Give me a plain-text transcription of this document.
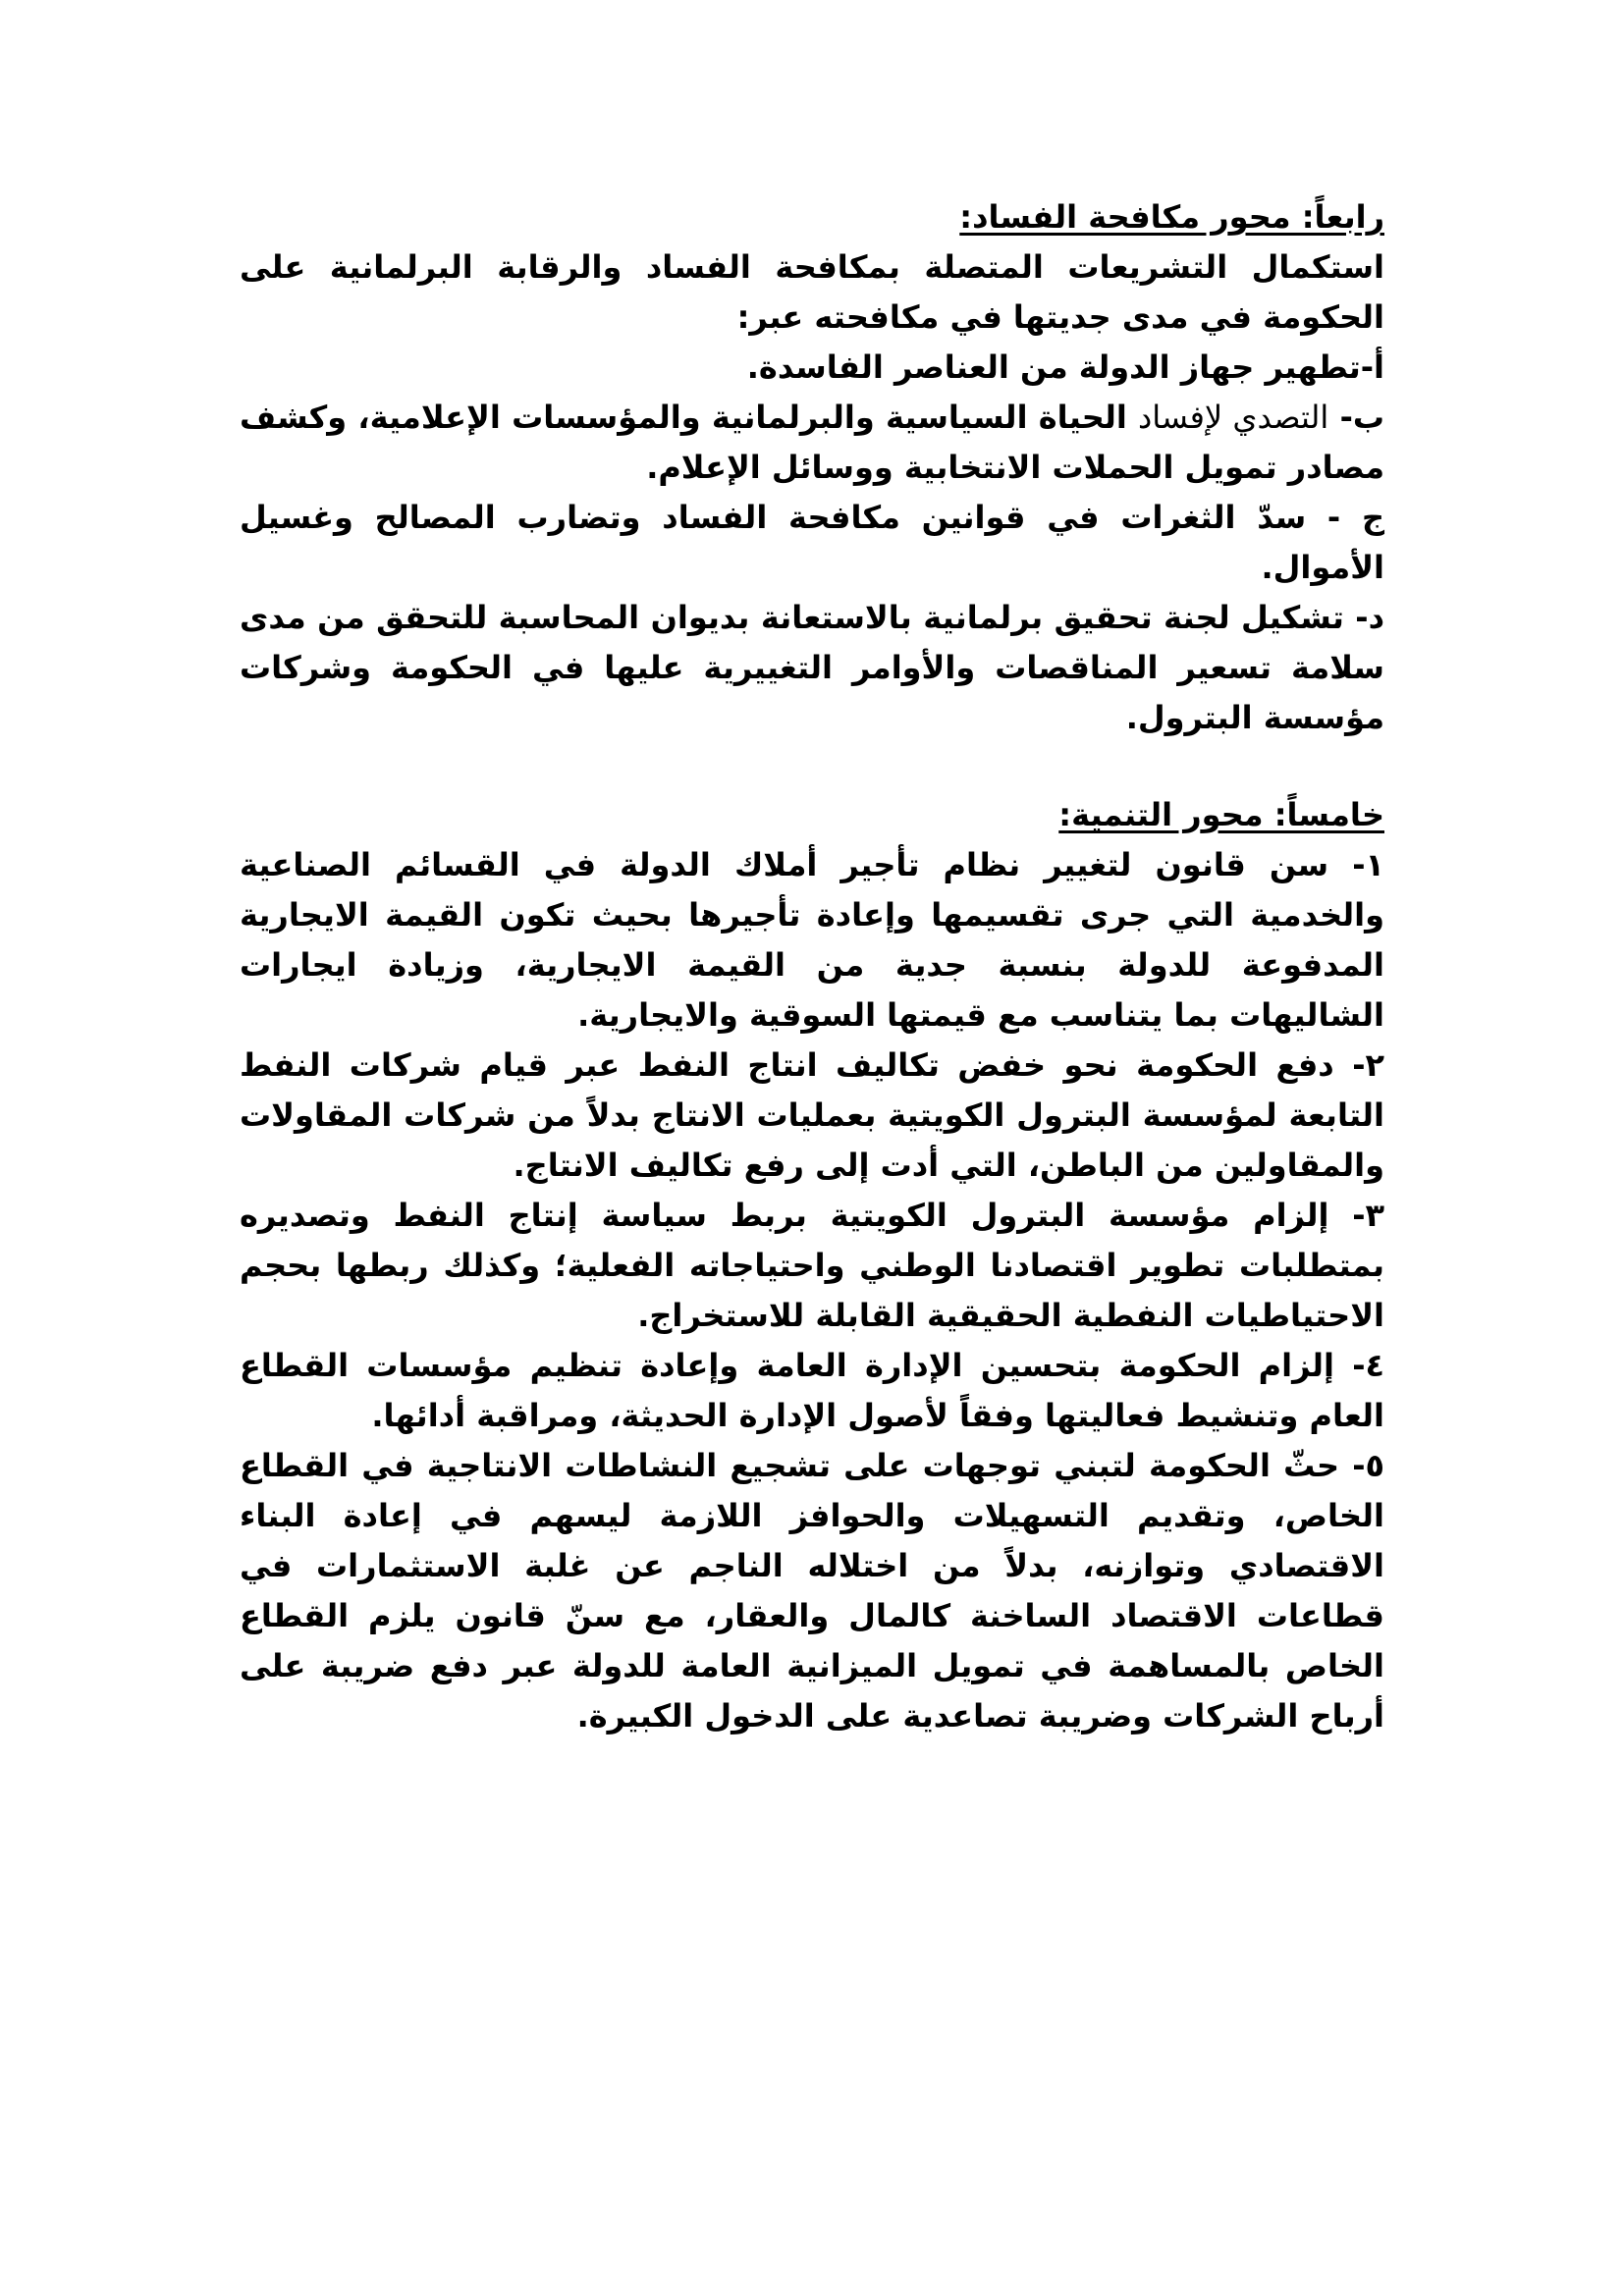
رابعاً: محور مكافحة الفساد:

استكمال التشريعات المتصلة بمكافحة الفساد والرقابة البرلمانية على الحكومة في مدى جديتها في مكافحته عبر:

أ-تطهير جهاز الدولة من العناصر الفاسدة.

ب- التصدي لإفساد الحياة السياسية والبرلمانية والمؤسسات الإعلامية، وكشف مصادر تمويل الحملات الانتخابية ووسائل الإعلام.

ج - سدّ الثغرات في قوانين مكافحة الفساد وتضارب المصالح وغسيل الأموال.

د- تشكيل لجنة تحقيق برلمانية بالاستعانة بديوان المحاسبة للتحقق من مدى سلامة تسعير المناقصات والأوامر التغييرية عليها في الحكومة وشركات مؤسسة البترول.

خامساً: محور التنمية:

١- سن قانون لتغيير نظام تأجير أملاك الدولة في القسائم الصناعية والخدمية التي جرى تقسيمها وإعادة تأجيرها بحيث تكون القيمة الايجارية المدفوعة للدولة بنسبة جدية من القيمة الايجارية، وزيادة ايجارات الشاليهات بما يتناسب مع قيمتها السوقية والايجارية.

٢- دفع الحكومة نحو خفض تكاليف انتاج النفط عبر قيام شركات النفط التابعة لمؤسسة البترول الكويتية بعمليات الانتاج بدلاً من شركات المقاولات والمقاولين من الباطن، التي أدت إلى رفع تكاليف الانتاج.

٣- إلزام مؤسسة البترول الكويتية بربط سياسة إنتاج النفط وتصديره بمتطلبات تطوير اقتصادنا الوطني واحتياجاته الفعلية؛ وكذلك ربطها بحجم الاحتياطيات النفطية الحقيقية القابلة للاستخراج.

٤- إلزام الحكومة بتحسين الإدارة العامة وإعادة تنظيم مؤسسات القطاع العام وتنشيط فعاليتها وفقاً لأصول الإدارة الحديثة، ومراقبة أدائها.

٥- حثّ الحكومة لتبني توجهات على تشجيع النشاطات الانتاجية في القطاع الخاص، وتقديم التسهيلات والحوافز اللازمة ليسهم في إعادة البناء الاقتصادي وتوازنه، بدلاً من اختلاله الناجم عن غلبة الاستثمارات في قطاعات الاقتصاد الساخنة كالمال والعقار، مع سنّ قانون يلزم القطاع الخاص بالمساهمة في تمويل الميزانية العامة للدولة عبر دفع ضريبة على أرباح الشركات وضريبة تصاعدية على الدخول الكبيرة.
